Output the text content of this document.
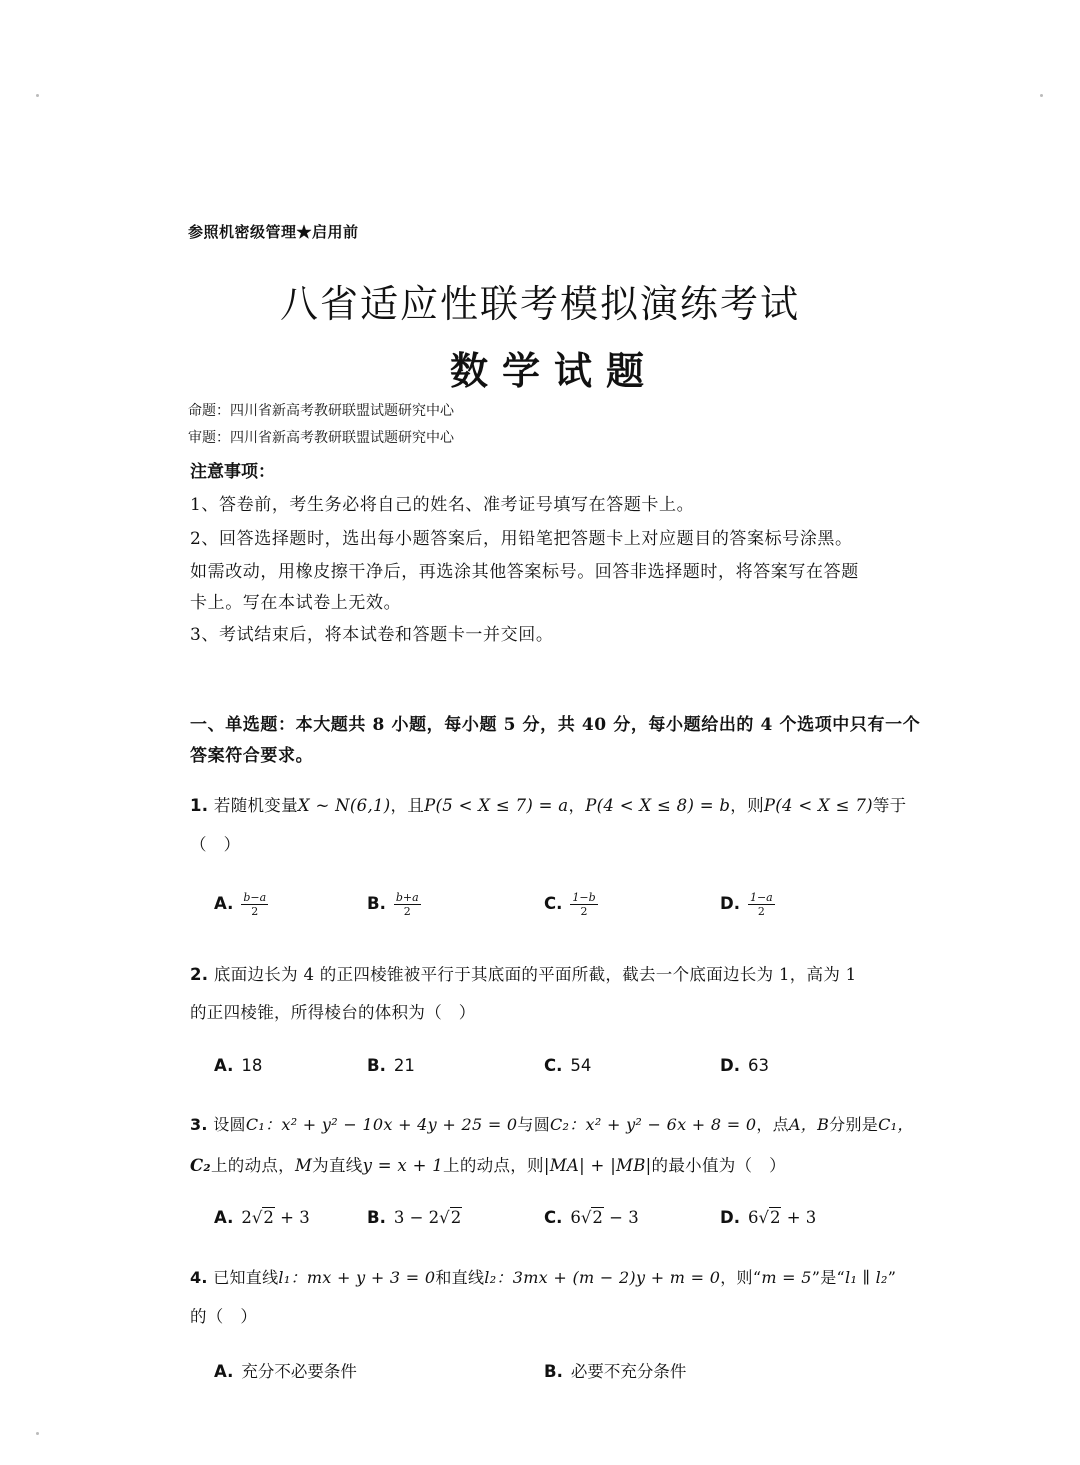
参照机密级管理★启用前
八省适应性联考模拟演练考试
数学试题
命题：四川省新高考教研联盟试题研究中心
审题：四川省新高考教研联盟试题研究中心
注意事项：
1、答卷前，考生务必将自己的姓名、准考证号填写在答题卡上。
2、回答选择题时，选出每小题答案后，用铅笔把答题卡上对应题目的答案标号涂黑。
如需改动，用橡皮擦干净后，再选涂其他答案标号。回答非选择题时，将答案写在答题
卡上。写在本试卷上无效。
3、考试结束后，将本试卷和答题卡一并交回。
一、单选题：本大题共 8 小题，每小题 5 分，共 40 分，每小题给出的 4 个选项中只有一个
答案符合要求。
1. 若随机变量X ~ N(6,1)，且P(5 < X ≤ 7) = a，P(4 < X ≤ 8) = b，则P(4 < X ≤ 7)等于
（　）
A. $\frac{b-a}{2}$	B. $\frac{b+a}{2}$	C. $\frac{1-b}{2}$	D. $\frac{1-a}{2}$
2. 底面边长为 4 的正四棱锥被平行于其底面的平面所截，截去一个底面边长为 1，高为 1
的正四棱锥，所得棱台的体积为（　）
A. 18	B. 21	C. 54	D. 63
3. 设圆C₁：x² + y² − 10x + 4y + 25 = 0与圆C₂：x² + y² − 6x + 8 = 0，点A，B分别是C₁，
C₂上的动点，M为直线y = x + 1上的动点，则|MA| + |MB|的最小值为（　）
A. 2√2 + 3	B. 3 − 2√2	C. 6√2 − 3	D. 6√2 + 3
4. 已知直线l₁：mx + y + 3 = 0和直线l₂：3mx + (m − 2)y + m = 0，则“m = 5”是“l₁ ∥ l₂”
的（　）
A. 充分不必要条件	B. 必要不充分条件
